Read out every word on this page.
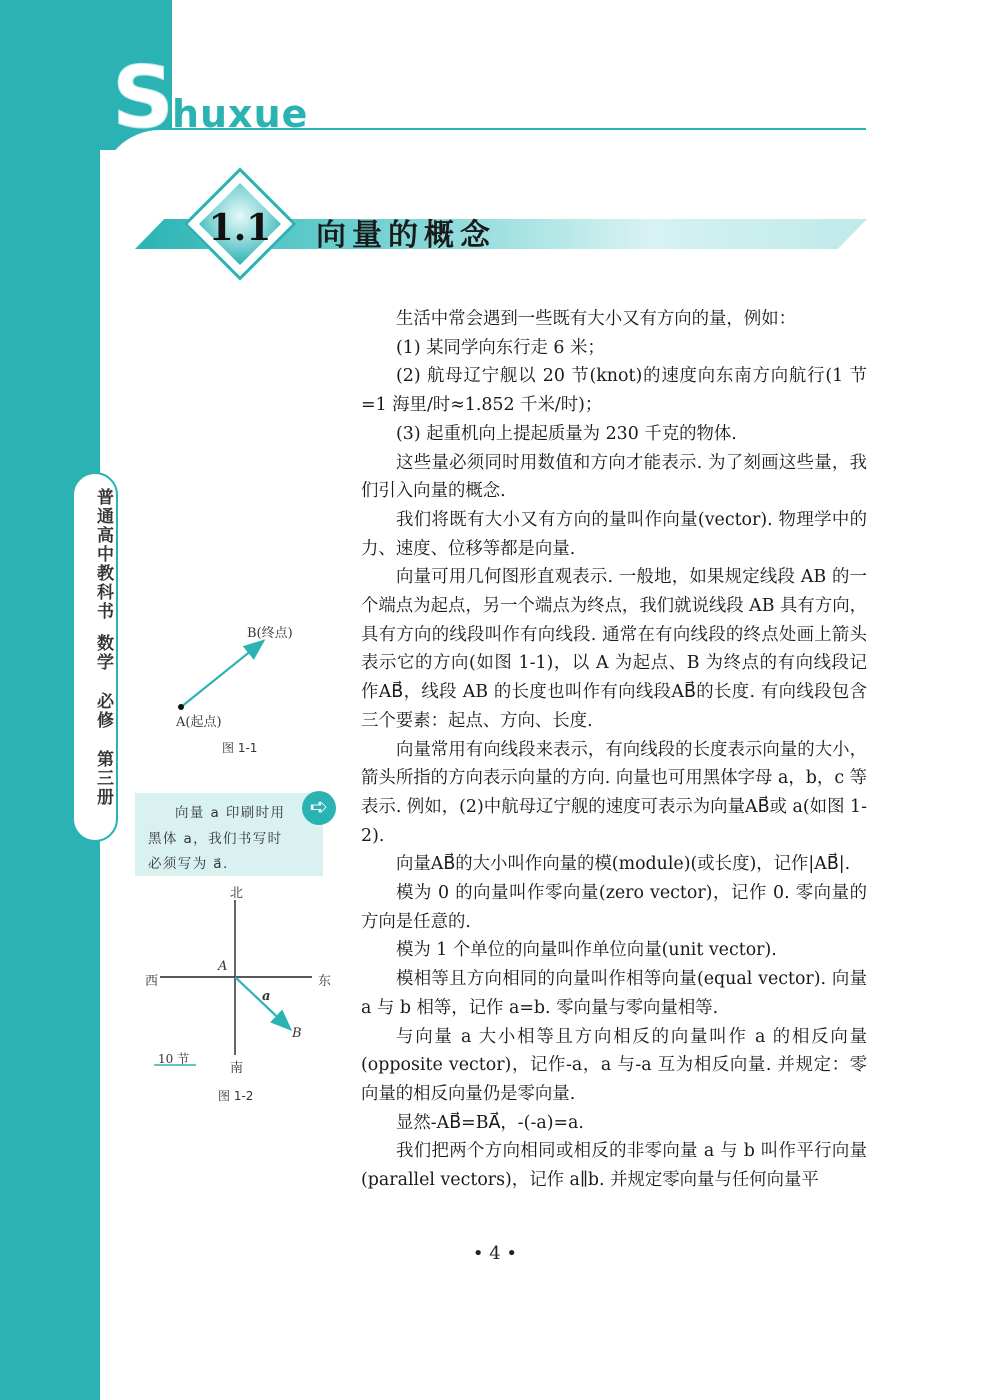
Shuxue
普通高中教科书
数学
必修
第三册
1.1 向量的概念

生活中常会遇到一些既有大小又有方向的量，例如：

(1) 某同学向东行走 6 米；

(2) 航母辽宁舰以 20 节(knot)的速度向东南方向航行(1 节=1 海里/时≈1.852 千米/时)；

(3) 起重机向上提起质量为 230 千克的物体.

这些量必须同时用数值和方向才能表示. 为了刻画这些量，我们引入向量的概念.

我们将既有大小又有方向的量叫作向量(vector). 物理学中的力、速度、位移等都是向量.

向量可用几何图形直观表示. 一般地，如果规定线段 AB 的一个端点为起点，另一个端点为终点，我们就说线段 AB 具有方向，具有方向的线段叫作有向线段. 通常在有向线段的终点处画上箭头表示它的方向(如图 1-1)，以 A 为起点、B 为终点的有向线段记作AB⃗，线段 AB 的长度也叫作有向线段AB⃗的长度. 有向线段包含三个要素：起点、方向、长度.

向量常用有向线段来表示，有向线段的长度表示向量的大小，箭头所指的方向表示向量的方向. 向量也可用黑体字母 a，b，c 等表示. 例如，(2)中航母辽宁舰的速度可表示为向量AB⃗或 a(如图 1-2).

向量AB⃗的大小叫作向量的模(module)(或长度)，记作|AB⃗|.

模为 0 的向量叫作零向量(zero vector)，记作 0. 零向量的方向是任意的.

模为 1 个单位的向量叫作单位向量(unit vector).

模相等且方向相同的向量叫作相等向量(equal vector). 向量 a 与 b 相等，记作 a=b. 零向量与零向量相等.

与向量 a 大小相等且方向相反的向量叫作 a 的相反向量(opposite vector)，记作-a，a 与-a 互为相反向量. 并规定：零向量的相反向量仍是零向量.

显然-AB⃗=BA⃗，-(-a)=a.

我们把两个方向相同或相反的非零向量 a 与 b 叫作平行向量(parallel vectors)，记作 a∥b. 并规定零向量与任何向量平

B(终点)
A(起点)
图 1-1
➪
向量 a 印刷时用
黑体 a，我们书写时
必须写为 a⃗.
北
南
西	东
A
B
a
10 节
图 1-2
• 4 •
